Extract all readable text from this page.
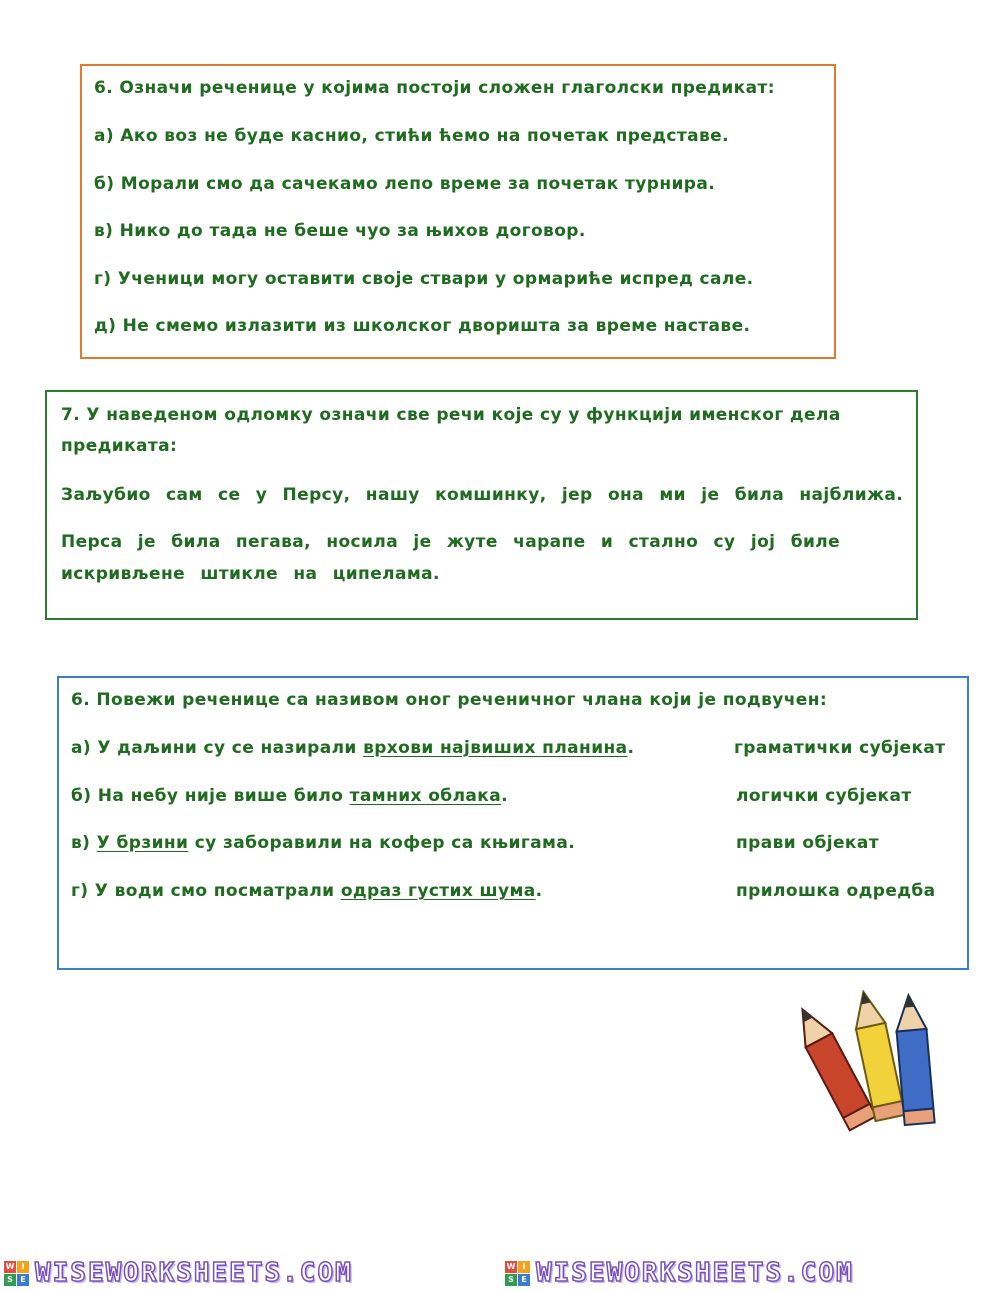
6. Означи реченице у којима постоји сложен глаголски предикат:
а) Ако воз не буде каснио, стићи ћемо на почетак представе.
б) Морали смо да сачекамо лепо време за почетак турнира.
в) Нико до тада не беше чуо за њихов договор.
г) Ученици могу оставити своје ствари у ормариће испред сале.
д) Не смемо излазити из школског дворишта за време наставе.
7. У наведеном одломку означи све речи које су у функцији именског дела
предиката:
Заљубио сам се у Персу, нашу комшинку, јер она ми је била најближа.
Перса је била пегава, носила је жуте чарапе и стално су јој биле
искривљене штикле на ципелама.
6. Повежи реченице са називом оног реченичног члана који је подвучен:
а) У даљини су се назирали врхови највиших планина.	граматички субјекат
б) На небу није више било тамних облака.	логички субјекат
в) У брзини су заборавили на кофер са књигама.	прави објекат
г) У води смо посматрали одраз густих шума.	прилошка одредба
W I
S E WISEWORKSHEETS.COM	W I
S E WISEWORKSHEETS.COM
